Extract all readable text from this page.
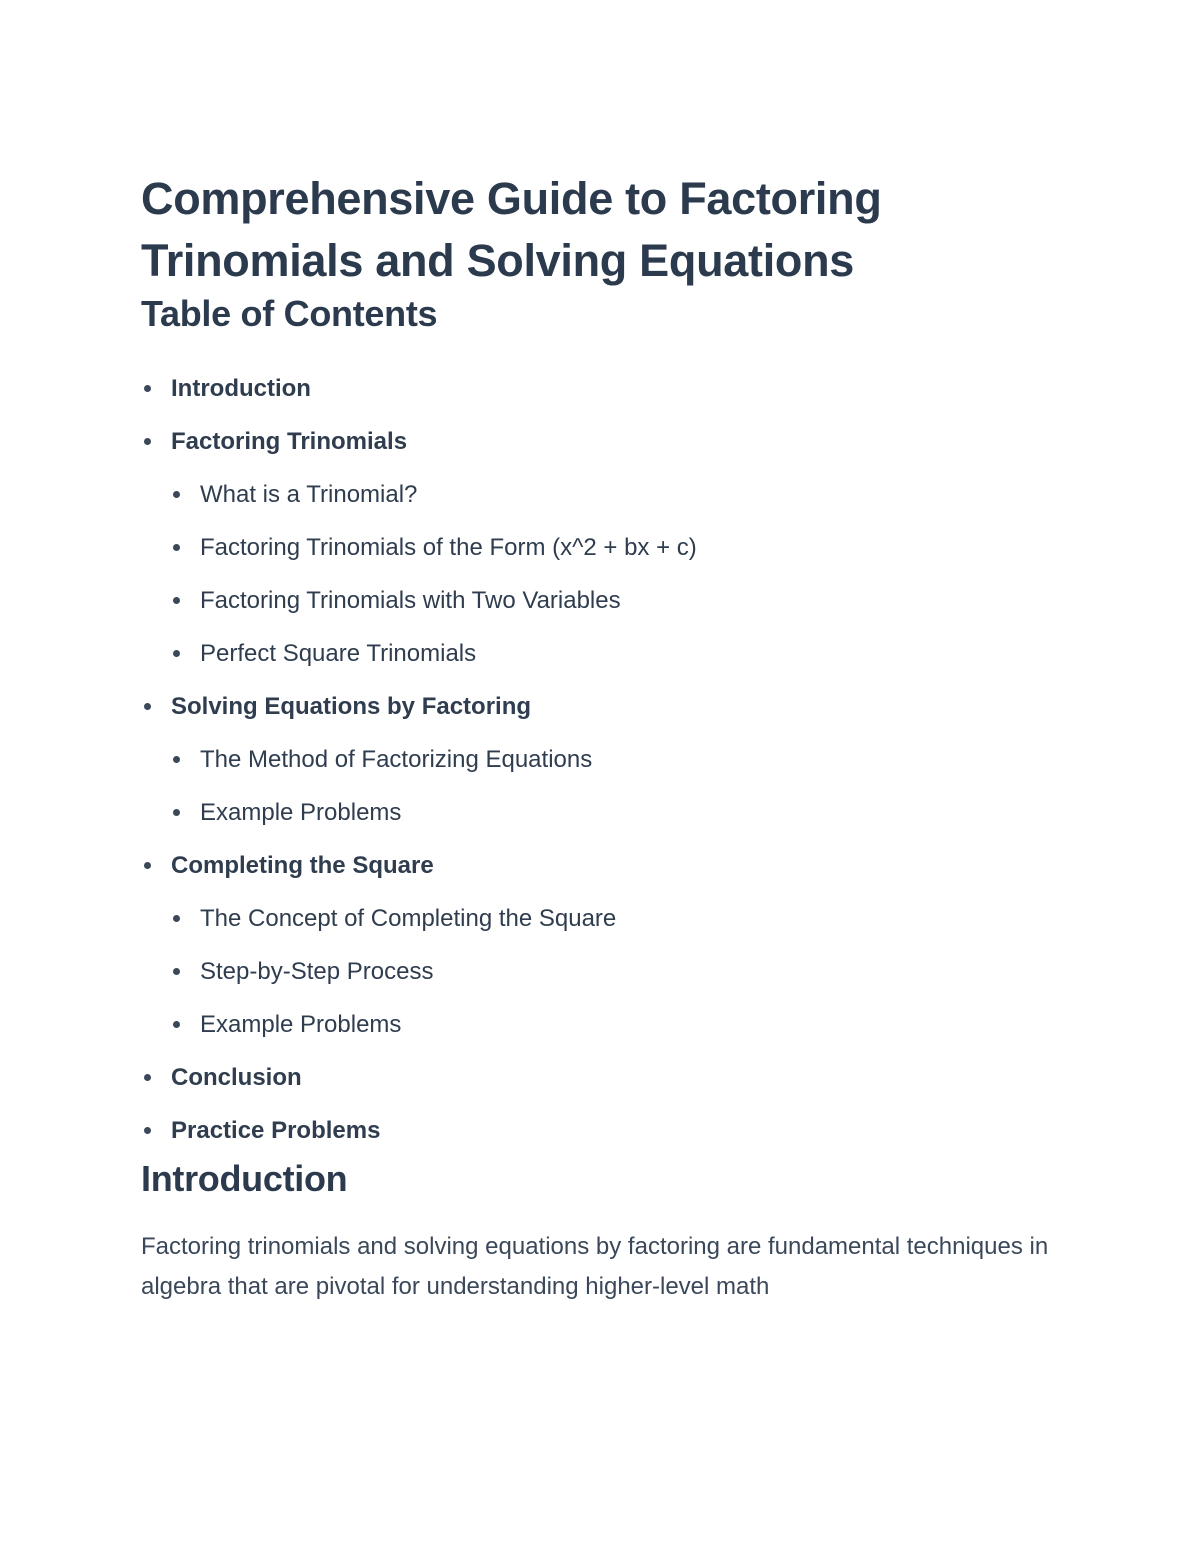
Comprehensive Guide to Factoring Trinomials and Solving Equations
Table of Contents
Introduction
Factoring Trinomials
What is a Trinomial?
Factoring Trinomials of the Form (x^2 + bx + c)
Factoring Trinomials with Two Variables
Perfect Square Trinomials
Solving Equations by Factoring
The Method of Factorizing Equations
Example Problems
Completing the Square
The Concept of Completing the Square
Step-by-Step Process
Example Problems
Conclusion
Practice Problems
Introduction

Factoring trinomials and solving equations by factoring are fundamental techniques in algebra that are pivotal for understanding higher-level math
